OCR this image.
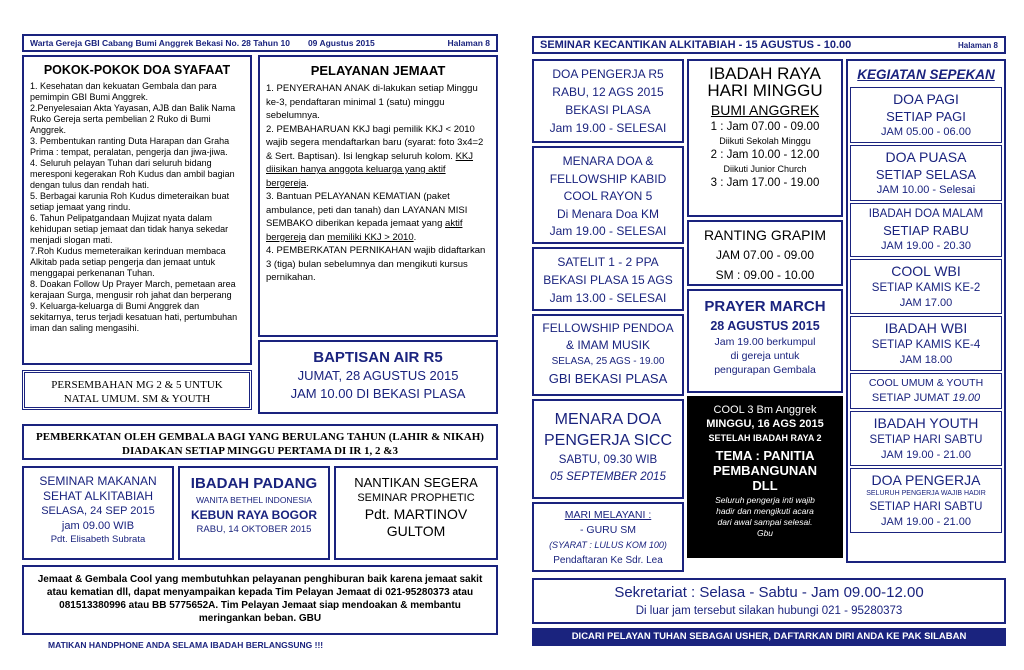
Warta Gereja GBI Cabang Bumi Anggrek Bekasi No. 28 Tahun 10 09 Agustus 2015	Halaman 8
POKOK-POKOK DOA SYAFAAT
1. Kesehatan dan kekuatan Gembala dan para pemimpin GBI Bumi Anggrek.
2.Penyelesaian Akta Yayasan, AJB dan Balik Nama Ruko Gereja serta pembelian 2 Ruko di Bumi Anggrek.
3. Pembentukan ranting Duta Harapan dan Graha Prima : tempat, peralatan, pengerja dan jiwa-jiwa.
4. Seluruh pelayan Tuhan dari seluruh bidang meresponi kegerakan Roh Kudus dan ambil bagian dengan tulus dan rendah hati.
5. Berbagai karunia Roh Kudus dimeteraikan buat setiap jemaat yang rindu.
6. Tahun Pelipatgandaan Mujizat nyata dalam kehidupan setiap jemaat dan tidak hanya sekedar menjadi slogan mati.
7.Roh Kudus memeteraikan kerinduan membaca Alkitab pada setiap pengerja dan jemaat untuk menggapai perkenanan Tuhan.
8. Doakan Follow Up Prayer March, pemetaan area kerajaan Surga, mengusir roh jahat dan berperang
9. Keluarga-keluarga di Bumi Anggrek dan sekitarnya, terus terjadi kesatuan hati, pertumbuhan iman dan saling mengasihi.
PELAYANAN JEMAAT
1. PENYERAHAN ANAK di-lakukan setiap Minggu ke-3, pendaftaran minimal 1 (satu) minggu sebelumnya.
2. PEMBAHARUAN KKJ bagi pemilik KKJ < 2010 wajib segera mendaftarkan baru (syarat: foto 3x4=2 & Sert. Baptisan). Isi lengkap seluruh kolom. KKJ diisikan hanya anggota keluarga yang aktif bergereja.
3. Bantuan PELAYANAN KEMATIAN (paket ambulance, peti dan tanah) dan LAYANAN MISI SEMBAKO diberikan kepada jemaat yang aktif bergereja dan memiliki KKJ > 2010.
4. PEMBERKATAN PERNIKAHAN wajib didaftarkan 3 (tiga) bulan sebelumnya dan mengikuti kursus pernikahan.
PERSEMBAHAN MG 2 & 5 UNTUK NATAL UMUM. SM & YOUTH
BAPTISAN AIR R5
JUMAT, 28 AGUSTUS 2015
JAM 10.00 DI BEKASI PLASA
PEMBERKATAN OLEH GEMBALA BAGI YANG BERULANG TAHUN (LAHIR & NIKAH) DIADAKAN SETIAP MINGGU PERTAMA DI IR 1, 2 &3
SEMINAR MAKANAN
SEHAT ALKITABIAH
SELASA, 24 SEP 2015
jam 09.00 WIB
Pdt. Elisabeth Subrata
IBADAH PADANG
WANITA BETHEL INDONESIA
KEBUN RAYA BOGOR
RABU, 14 OKTOBER 2015
NANTIKAN SEGERA
SEMINAR PROPHETIC
Pdt. MARTINOV
GULTOM
Jemaat & Gembala Cool yang membutuhkan pelayanan penghiburan baik karena jemaat sakit atau kematian dll, dapat menyampaikan kepada Tim Pelayan Jemaat di 021-95280373 atau 081513380996 atau BB 5775652A. Tim Pelayan Jemaat siap mendoakan & membantu meringankan beban. GBU
MATIKAN HANDPHONE ANDA SELAMA IBADAH BERLANGSUNG !!!
SEMINAR KECANTIKAN ALKITABIAH - 15 AGUSTUS - 10.00	Halaman 8
DOA PENGERJA R5
RABU, 12 AGS 2015
BEKASI PLASA
Jam 19.00 - SELESAI
MENARA DOA &
FELLOWSHIP KABID
COOL RAYON 5
Di Menara Doa KM
Jam 19.00 - SELESAI
SATELIT 1 - 2 PPA
BEKASI PLASA 15 AGS
Jam 13.00 - SELESAI
FELLOWSHIP PENDOA
& IMAM MUSIK
SELASA, 25 AGS - 19.00
GBI BEKASI PLASA
MENARA DOA
PENGERJA SICC
SABTU, 09.30 WIB
05 SEPTEMBER 2015
IBADAH RAYA
HARI MINGGU
BUMI ANGGREK
1 : Jam 07.00 - 09.00
Diikuti Sekolah Minggu
2 : Jam 10.00 - 12.00
Diikuti Junior Church
3 : Jam 17.00 - 19.00
RANTING GRAPIM
JAM 07.00 - 09.00
SM : 09.00 - 10.00
PRAYER MARCH
28 AGUSTUS 2015
Jam 19.00 berkumpul
di gereja untuk
pengurapan Gembala
COOL 3 Bm Anggrek
MINGGU, 16 AGS 2015
SETELAH IBADAH RAYA 2
TEMA : PANITIA
PEMBANGUNAN
DLL
Seluruh pengerja inti wajib
hadir dan mengikuti acara
dari awal sampai selesai.
Gbu
MARI MELAYANI :
- GURU SM
(SYARAT : LULUS KOM 100)
Pendaftaran Ke Sdr. Lea
KEGIATAN SEPEKAN
DOA PAGI
SETIAP PAGI
JAM 05.00 - 06.00
DOA PUASA
SETIAP SELASA
JAM 10.00 - Selesai
IBADAH DOA MALAM
SETIAP RABU
JAM 19.00 - 20.30
COOL WBI
SETIAP KAMIS KE-2
JAM 17.00
IBADAH WBI
SETIAP KAMIS KE-4
JAM 18.00
COOL UMUM & YOUTH
SETIAP JUMAT 19.00
IBADAH YOUTH
SETIAP HARI SABTU
JAM 19.00 - 21.00
DOA PENGERJA
SELURUH PENGERJA WAJIB HADIR
SETIAP HARI SABTU
JAM 19.00 - 21.00
Sekretariat : Selasa - Sabtu - Jam 09.00-12.00
Di luar jam tersebut silakan hubungi 021 - 95280373
DICARI PELAYAN TUHAN SEBAGAI USHER, DAFTARKAN DIRI ANDA KE PAK SILABAN
